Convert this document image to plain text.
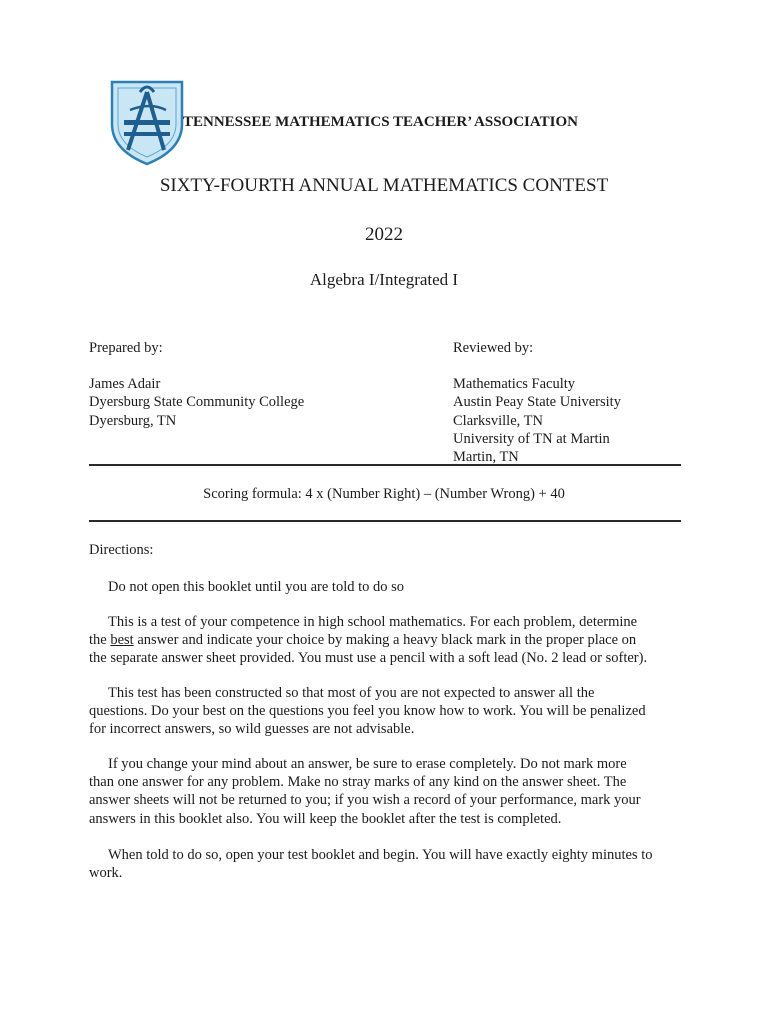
TENNESSEE MATHEMATICS TEACHER’ ASSOCIATION
SIXTY-FOURTH ANNUAL MATHEMATICS CONTEST
2022
Algebra I/Integrated I
Prepared by:
James Adair
Dyersburg State Community College
Dyersburg, TN
Reviewed by:
Mathematics Faculty
Austin Peay State University
Clarksville, TN
University of TN at Martin
Martin, TN
Scoring formula: 4 x (Number Right) – (Number Wrong) + 40
Directions:

Do not open this booklet until you are told to do so

This is a test of your competence in high school mathematics. For each problem, determine
the best answer and indicate your choice by making a heavy black mark in the proper place on
the separate answer sheet provided. You must use a pencil with a soft lead (No. 2 lead or softer).

This test has been constructed so that most of you are not expected to answer all the
questions. Do your best on the questions you feel you know how to work. You will be penalized
for incorrect answers, so wild guesses are not advisable.

If you change your mind about an answer, be sure to erase completely. Do not mark more
than one answer for any problem. Make no stray marks of any kind on the answer sheet. The
answer sheets will not be returned to you; if you wish a record of your performance, mark your
answers in this booklet also. You will keep the booklet after the test is completed.

When told to do so, open your test booklet and begin. You will have exactly eighty minutes to
work.
